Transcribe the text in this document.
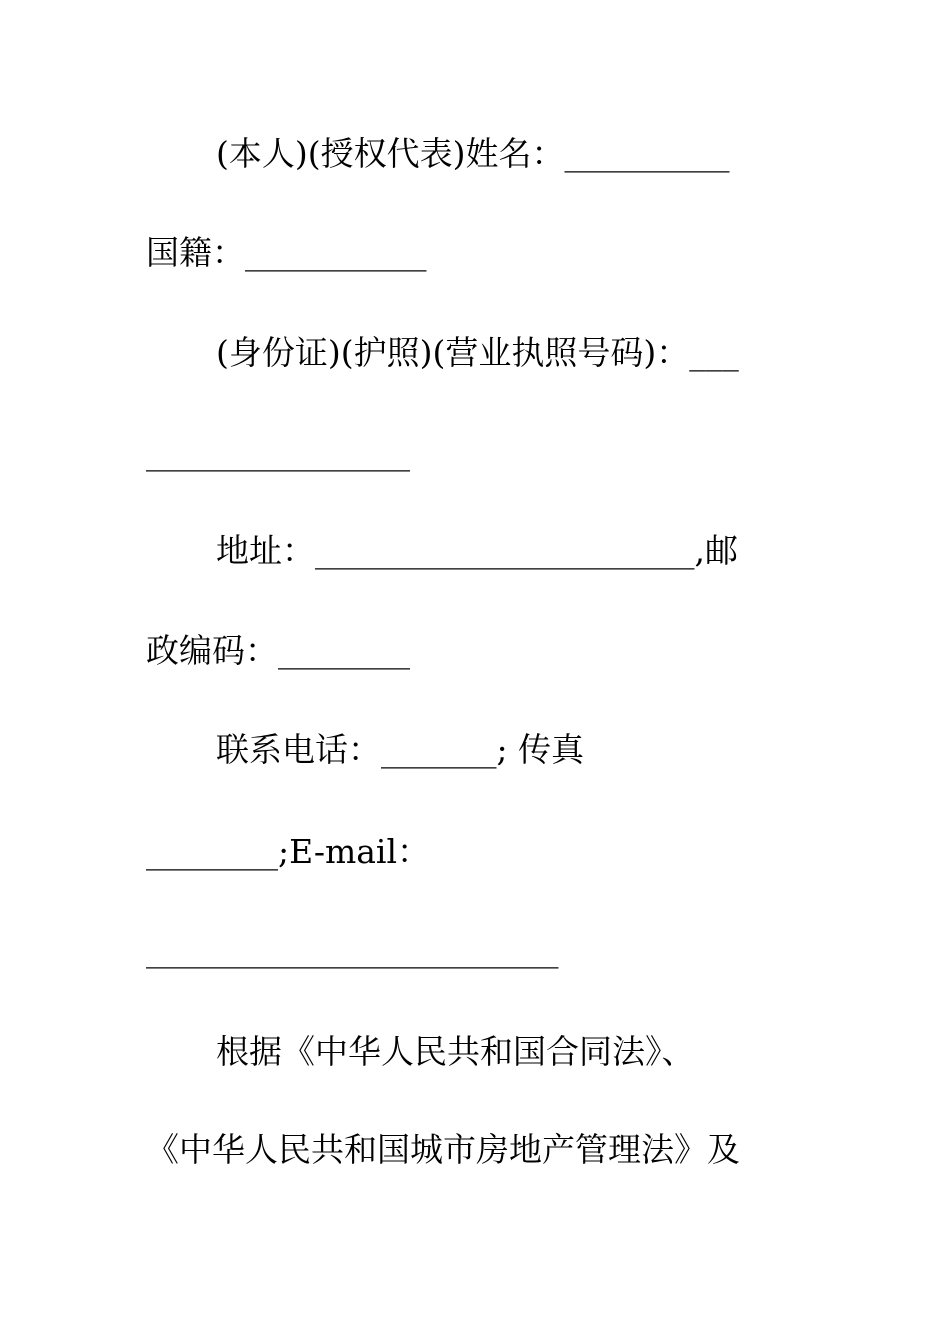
(本人)(授权代表)姓名：__________
国籍：___________
(身份证)(护照)(营业执照号码)：___
________________
地址：_______________________,邮
政编码：________
联系电话：_______; 传真
________;E-mail：
_________________________
根据《中华人民共和国合同法》、
《中华人民共和国城市房地产管理法》及
